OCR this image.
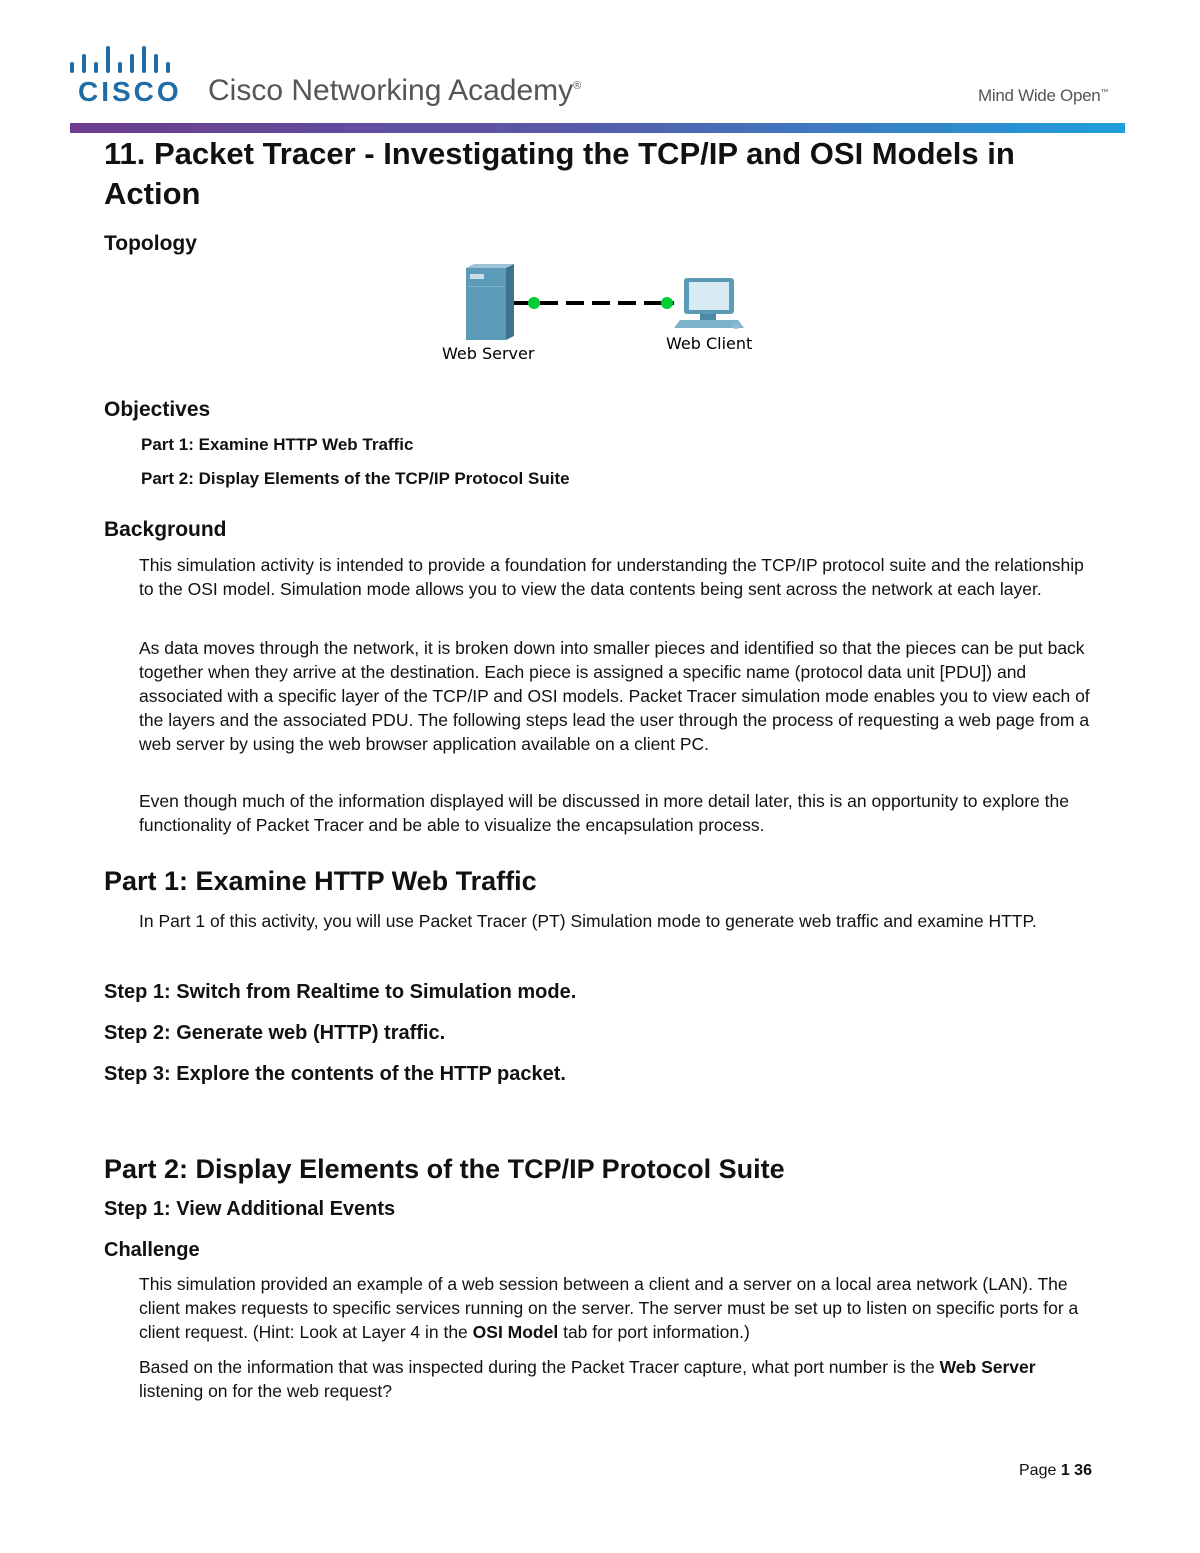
CISCO Cisco Networking Academy®	Mind Wide Open™
11. Packet Tracer - Investigating the TCP/IP and OSI Models in Action
Topology
Web Server
Web Client
Objectives
Part 1: Examine HTTP Web Traffic
Part 2: Display Elements of the TCP/IP Protocol Suite
Background
This simulation activity is intended to provide a foundation for understanding the TCP/IP protocol suite and the relationship to the OSI model. Simulation mode allows you to view the data contents being sent across the network at each layer.
As data moves through the network, it is broken down into smaller pieces and identified so that the pieces can be put back together when they arrive at the destination. Each piece is assigned a specific name (protocol data unit [PDU]) and associated with a specific layer of the TCP/IP and OSI models. Packet Tracer simulation mode enables you to view each of the layers and the associated PDU. The following steps lead the user through the process of requesting a web page from a web server by using the web browser application available on a client PC.
Even though much of the information displayed will be discussed in more detail later, this is an opportunity to explore the functionality of Packet Tracer and be able to visualize the encapsulation process.
Part 1: Examine HTTP Web Traffic
In Part 1 of this activity, you will use Packet Tracer (PT) Simulation mode to generate web traffic and examine HTTP.
Step 1: Switch from Realtime to Simulation mode.
Step 2: Generate web (HTTP) traffic.
Step 3: Explore the contents of the HTTP packet.
Part 2: Display Elements of the TCP/IP Protocol Suite
Step 1: View Additional Events
Challenge
This simulation provided an example of a web session between a client and a server on a local area network (LAN). The client makes requests to specific services running on the server. The server must be set up to listen on specific ports for a client request. (Hint: Look at Layer 4 in the OSI Model tab for port information.)
Based on the information that was inspected during the Packet Tracer capture, what port number is the Web Server listening on for the web request?
Page 1 36
